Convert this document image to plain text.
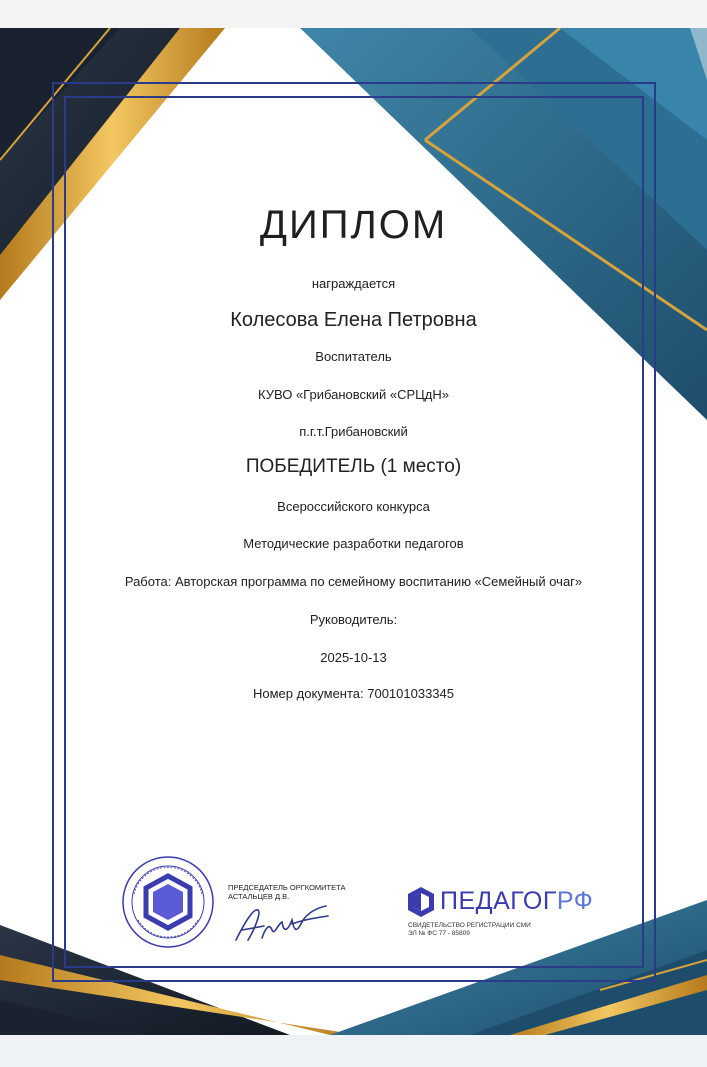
ДИПЛОМ
награждается
Колесова Елена Петровна
Воспитатель
КУВО «Грибановский «СРЦдН»
п.г.т.Грибановский
ПОБЕДИТЕЛЬ (1 место)
Всероссийского конкурса
Методические разработки педагогов
Работа: Авторская программа по семейному воспитанию «Семейный очаг»
Руководитель:
2025-10-13
Номер документа: 700101033345
ПРЕДСЕДАТЕЛЬ ОРГКОМИТЕТА
АСТАЛЬЦЕВ Д.В.	ПЕДАГОГРФ
СВИДЕТЕЛЬСТВО РЕГИСТРАЦИИ СМИ
ЭЛ № ФС 77 - 85809
